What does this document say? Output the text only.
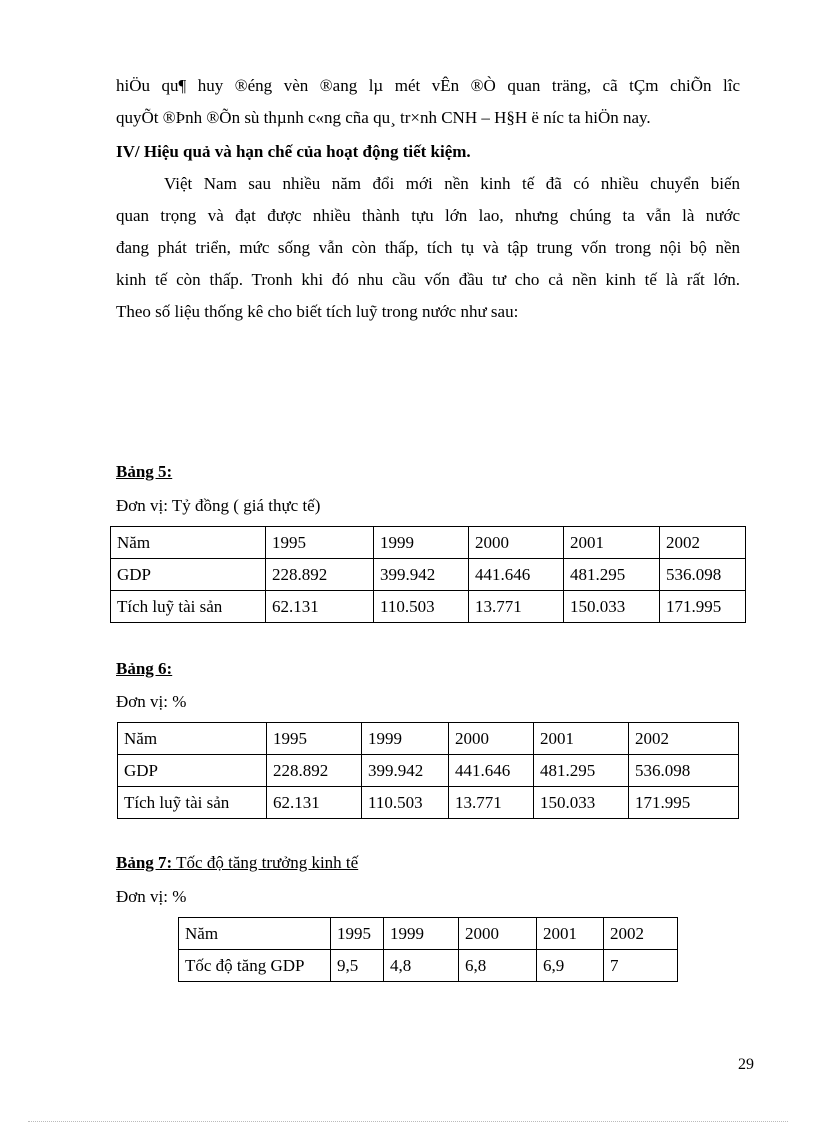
hiÖu qu¶ huy ®éng vèn ®ang lµ mét vÊn ®Ò quan träng, cã tÇm chiÕn lîc
quyÕt ®Þnh ®Õn sù thµnh c«ng cña qu¸ tr×nh CNH – H§H ë níc ta hiÖn nay.
IV/ Hiệu quả và hạn chế của hoạt động tiết kiệm.
Việt Nam sau nhiều năm đổi mới nền kinh tế đã có nhiều chuyển biến
quan trọng và đạt được nhiều thành tựu lớn lao, nhưng chúng ta vẫn là nước
đang phát triển, mức sống vẫn còn thấp, tích tụ và tập trung vốn trong nội bộ nền
kinh tế còn thấp. Tronh khi đó nhu cầu vốn đầu tư cho cả nền kinh tế là rất lớn.
Theo số liệu thống kê cho biết tích luỹ trong nước như sau:
Bảng 5:
Đơn vị: Tỷ đồng ( giá thực tế)
Năm	1995	1999	2000	2001	2002
GDP	228.892	399.942	441.646	481.295	536.098
Tích luỹ tài sản	62.131	110.503	13.771	150.033	171.995
Bảng 6:
Đơn vị: %
Năm	1995	1999	2000	2001	2002
GDP	228.892	399.942	441.646	481.295	536.098
Tích luỹ tài sản	62.131	110.503	13.771	150.033	171.995
Bảng 7: Tốc độ tăng trưởng kinh tế
Đơn vị: %
Năm	1995	1999	2000	2001	2002
Tốc độ tăng GDP	9,5	4,8	6,8	6,9	7
29
